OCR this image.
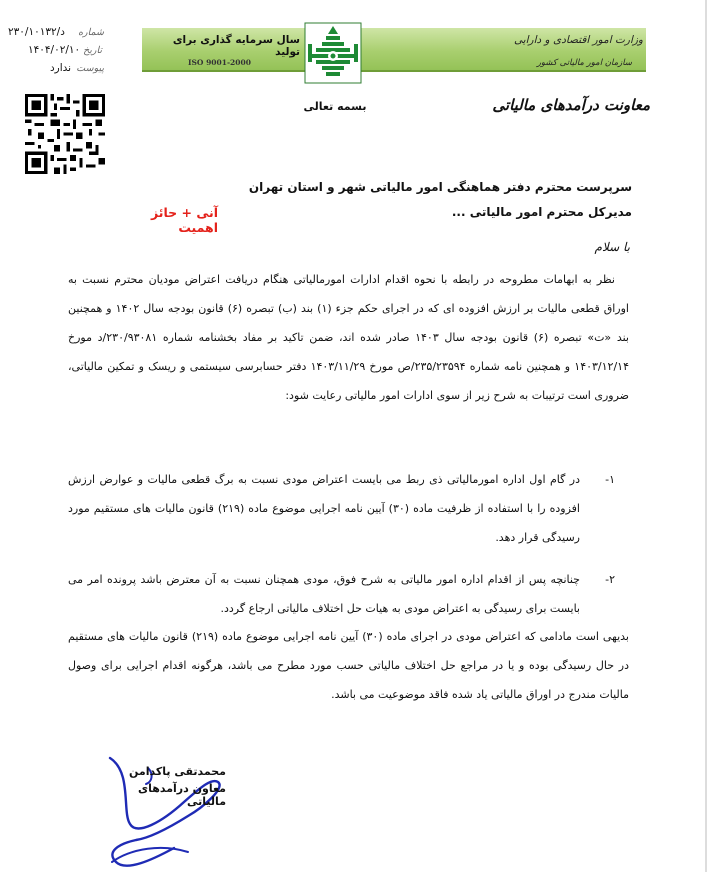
سال سرمایه گذاری برای تولید
ISO 9001-2000
وزارت امور اقتصادی و دارایی
سازمان امور مالیاتی کشور
معاونت درآمدهای مالیاتی
بسمه تعالی
د/۲۳۰/۱۰۱۳۲ شماره
۱۴۰۴/۰۲/۱۰ تاریخ
ندارد پیوست
سرپرست محترم دفتر هماهنگی امور مالیاتی شهر و استان تهران
مدیرکل محترم امور مالیاتی ...
آنی + حائز اهمیت
با سلام
نظر به ابهامات مطروحه در رابطه با نحوه اقدام ادارات امورمالیاتی هنگام دریافت اعتراض مودیان محترم نسبت به اوراق قطعی مالیات بر ارزش افزوده ای که در اجرای حکم جزء (۱) بند (ب) تبصره (۶) قانون بودجه سال ۱۴۰۲ و همچنین بند «ت» تبصره (۶) قانون بودجه سال ۱۴۰۳ صادر شده اند، ضمن تاکید بر مفاد بخشنامه شماره ۲۳۰/۹۳۰۸۱/د مورخ ۱۴۰۳/۱۲/۱۴ و همچنین نامه شماره ۲۳۵/۲۳۵۹۴/ص مورخ ۱۴۰۳/۱۱/۲۹ دفتر حسابرسی سیستمی و ریسک و تمکین مالیاتی، ضروری است ترتیبات به شرح زیر از سوی ادارات امور مالیاتی رعایت شود:
۱-
در گام اول اداره امورمالیاتی ذی ربط می بایست اعتراض مودی نسبت به برگ قطعی مالیات و عوارض ارزش افزوده را با استفاده از ظرفیت ماده (۳۰) آیین نامه اجرایی موضوع ماده (۲۱۹) قانون مالیات های مستقیم مورد رسیدگی قرار دهد.
۲-
چنانچه پس از اقدام اداره امور مالیاتی به شرح فوق، مودی همچنان نسبت به آن معترض باشد پرونده امر می بایست برای رسیدگی به اعتراض مودی به هیات حل اختلاف مالیاتی ارجاع گردد.
بدیهی است مادامی که اعتراض مودی در اجرای ماده (۳۰) آیین نامه اجرایی موضوع ماده (۲۱۹) قانون مالیات های مستقیم در حال رسیدگی بوده و یا در مراجع حل اختلاف مالیاتی حسب مورد مطرح می باشد، هرگونه اقدام اجرایی برای وصول مالیات مندرج در اوراق مالیاتی یاد شده فاقد موضوعیت می باشد.
محمدتقی پاکدامن
معاون درآمدهای مالیاتی
